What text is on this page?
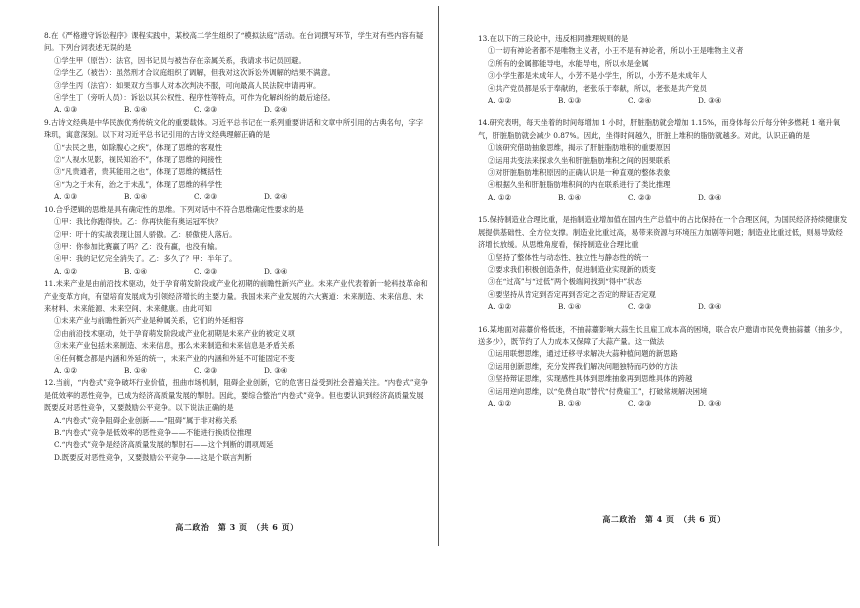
8.在《严格遵守诉讼程序》课程实践中，某校高二学生组织了“模拟法庭”活动。在台词撰写环节，学生对有些内容有疑问。下列台词表述无误的是

①学生甲（原告）：法官，因书记员与被告存在亲属关系，我请求书记员回避。

②学生乙（被告）：虽然刑才合议庭组织了调解，但我对这次诉讼外调解的结果不满意。

③学生丙（法官）：如果双方当事人对本次判决不服，可向最高人民法院申请再审。

④学生丁（旁听人员）：诉讼以其公权性、程序性等特点，可作为化解纠纷的最后途径。

A. ①③	B. ①④	C. ②③	D. ②④

9.古诗文经典是中华民族优秀传统文化的重要载体。习近平总书记在一系列重要讲话和文章中所引用的古典名句，字字珠玑，寓意深刻。以下对习近平总书记引用的古诗文经典理解正确的是

①“去民之患，如除腹心之疾”，体现了思维的客观性

②“人视水见影，视民知治不”，体现了思维的间接性

③“凡贵通者，贵其能用之也”，体现了思维的概括性

④“为之于未有，治之于未乱”，体现了思维的科学性

A. ①③	B. ①④	C. ②③	D. ②④

10.合乎逻辑的思维是具有确定性的思维。下列对话中不符合思维确定性要求的是

①甲：我比你跑得快。乙：你再快能有奥运冠军快？

②甲：吁十的实战表现让国人骄傲。乙：骄傲使人落后。

③甲：你参加比赛赢了吗？乙：没有赢，也没有输。

④甲：我的记忆完全消失了。乙：多久了？甲：半年了。

A. ①②	B. ①④	C. ②③	D. ③④

11.未来产业是由前沿技术驱动，处于孕育萌发阶段或产业化初期的前瞻性新兴产业。未来产业代表着新一轮科技革命和产业变革方向，有望培育发展成为引领经济增长的主要力量。我国未来产业发展的六大赛道：未来制造、未来信息、未来材料、未来能源、未来空间、未来健康。由此可知

①未来产业与前瞻性新兴产业是种属关系，它们的外延相容

②由前沿技术驱动，处于孕育萌发阶段或产业化初期是未来产业的被定义项

③未来产业包括未来制造、未来信息，那么未来制造和未来信息是矛盾关系

④任何概念都是内涵和外延的统一，未来产业的内涵和外延不可能固定不变

A. ①②	B. ①④	C. ②③	D. ③④

12.当前，“内卷式”竞争破坏行业价值，扭曲市场机制，阻碍企业创新，它的危害日益受到社会普遍关注。“内卷式”竞争是低效率的恶性竞争，已成为经济高质量发展的掣肘。因此，要综合整治“内卷式”竞争。但也要认识到经济高质量发展既要反对恶性竞争，又要鼓励公平竞争。以下说法正确的是

A.“内卷式”竞争阻碍企业创新——“阻碍”属于非对称关系

B.“内卷式”竞争是低效率的恶性竞争——不能进行换质位推理

C.“内卷式”竞争是经济高质量发展的掣肘石——这个判断的谓项周延

D.既要反对恶性竞争，又要鼓励公平竞争——这是个联言判断

高二政治　第 3 页　（共 6 页）

13.在以下的三段论中，违反相同推理规则的是

①一切有神论者都不是唯物主义者，小王不是有神论者，所以小王是唯物主义者

②所有的金属都能导电，水能导电，所以水是金属

③小学生都是未成年人，小芳不是小学生，所以，小芳不是未成年人

④共产党员都是乐于奉献的，老张乐于奉献，所以，老张是共产党员

A. ①②	B. ①③	C. ②④	D. ③④

14.研究表明，每天坐着的时间每增加 1 小时，肝脏脂肪就会增加 1.15%，而身体每公斤每分钟多燃耗 1 毫升氧气，肝脏脂肪就会减少 0.87%。因此，坐得时间越久，肝脏上堆积的脂肪就越多。对此，认识正确的是

①该研究借助抽象思维，揭示了肝脏脂肪堆积的重要原因

②运用共变法来探求久坐和肝脏脂肪堆积之间的因果联系

③对肝脏脂肪堆积原因的正确认识是一种直观的整体表象

④根据久坐和肝脏脂肪堆积间的内在联系进行了类比推理

A. ①②	B. ①④	C. ②③	D. ③④

15.保持制造业合理比重，是指制造业增加值在国内生产总值中的占比保持在一个合理区间，为国民经济持续健康发展提供基础性、全方位支撑。制造业比重过高，易带来资源与环境压力加剧等问题；制造业比重过低，则易导致经济增长放缓。从思维角度看，保持制造业合理比重

①坚持了整体性与动态性、独立性与静态性的统一

②要求我们积极创造条件，促进制造业实现新的质变

③在“过高”与“过低”两个极端间找到“得中”状态

④要坚持从肯定到否定再到否定之否定的辩证否定观

A. ①②	B. ①④	C. ②③	D. ③④

16.某地面对蒜薹价格低迷，不抽蒜薹影响大蒜生长且雇工成本高的困境，联合农户邀请市民免费抽蒜薹（抽多少，送多少），既节约了人力成本又保障了大蒜产量。这一做法

①运用联想思维，通过迁移寻求解决大蒜种植问题的新思路

②运用创新思维，充分发挥我们解决问题独特而巧妙的方法

③坚持辩证思维，实现感性具体到思维抽象再到思维具体的跨越

④运用逆向思维，以“免费自取”替代“付费雇工”，打破常规解决困境

A. ①②	B. ①④	C. ②③	D. ③④
高二政治　第 4 页　（共 6 页）
